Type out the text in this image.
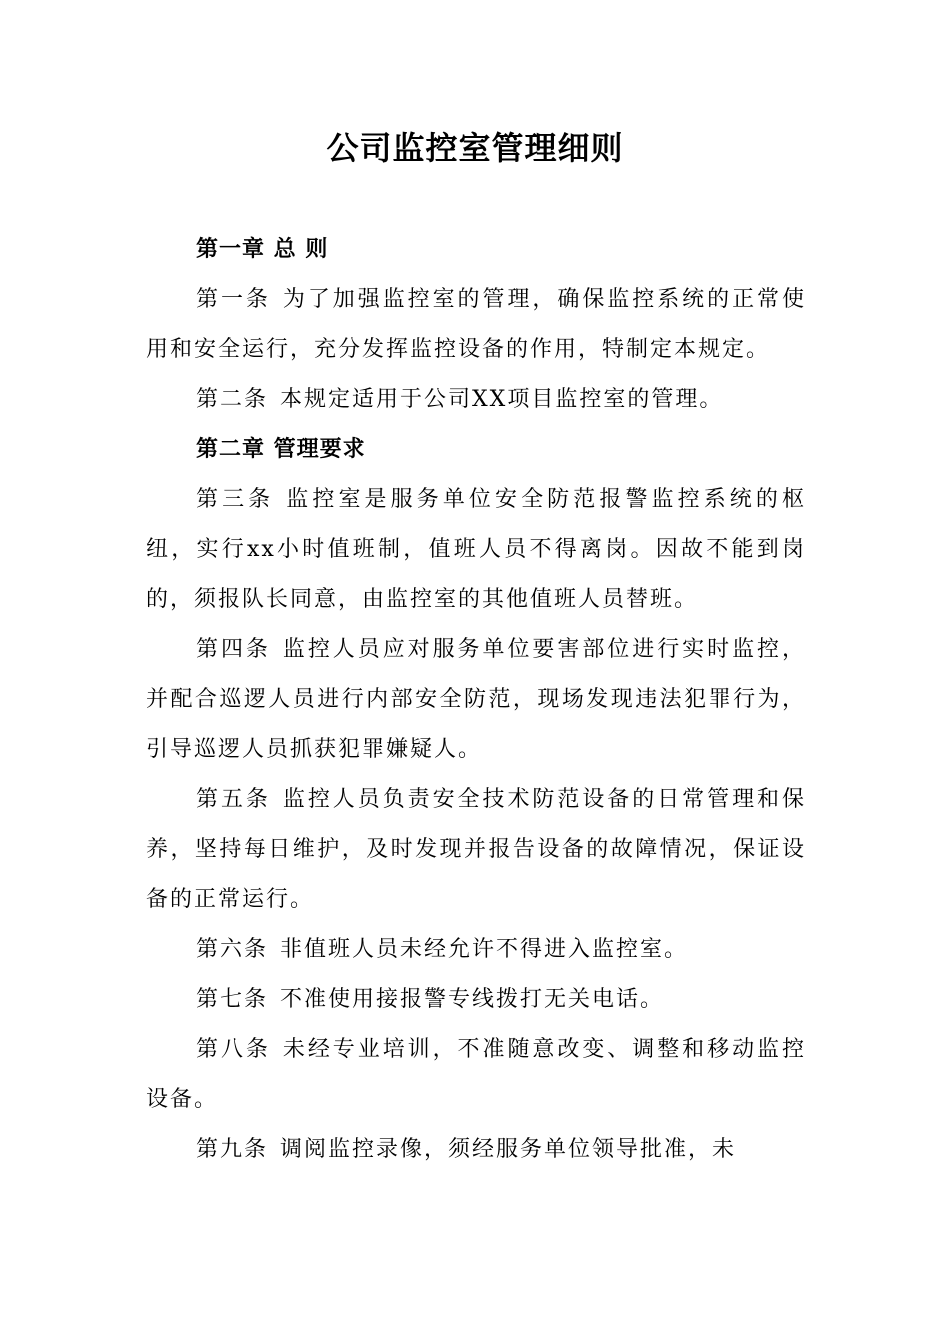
公司监控室管理细则
第一章 总 则
第一条 为了加强监控室的管理，确保监控系统的正常使用和安全运行，充分发挥监控设备的作用，特制定本规定。
第二条 本规定适用于公司XX项目监控室的管理。
第二章 管理要求
第三条 监控室是服务单位安全防范报警监控系统的枢纽，实行xx小时值班制，值班人员不得离岗。因故不能到岗的，须报队长同意，由监控室的其他值班人员替班。
第四条 监控人员应对服务单位要害部位进行实时监控，并配合巡逻人员进行内部安全防范，现场发现违法犯罪行为，引导巡逻人员抓获犯罪嫌疑人。
第五条 监控人员负责安全技术防范设备的日常管理和保养，坚持每日维护，及时发现并报告设备的故障情况，保证设备的正常运行。
第六条 非值班人员未经允许不得进入监控室。
第七条 不准使用接报警专线拨打无关电话。
第八条 未经专业培训，不准随意改变、调整和移动监控设备。
第九条 调阅监控录像，须经服务单位领导批准，未
